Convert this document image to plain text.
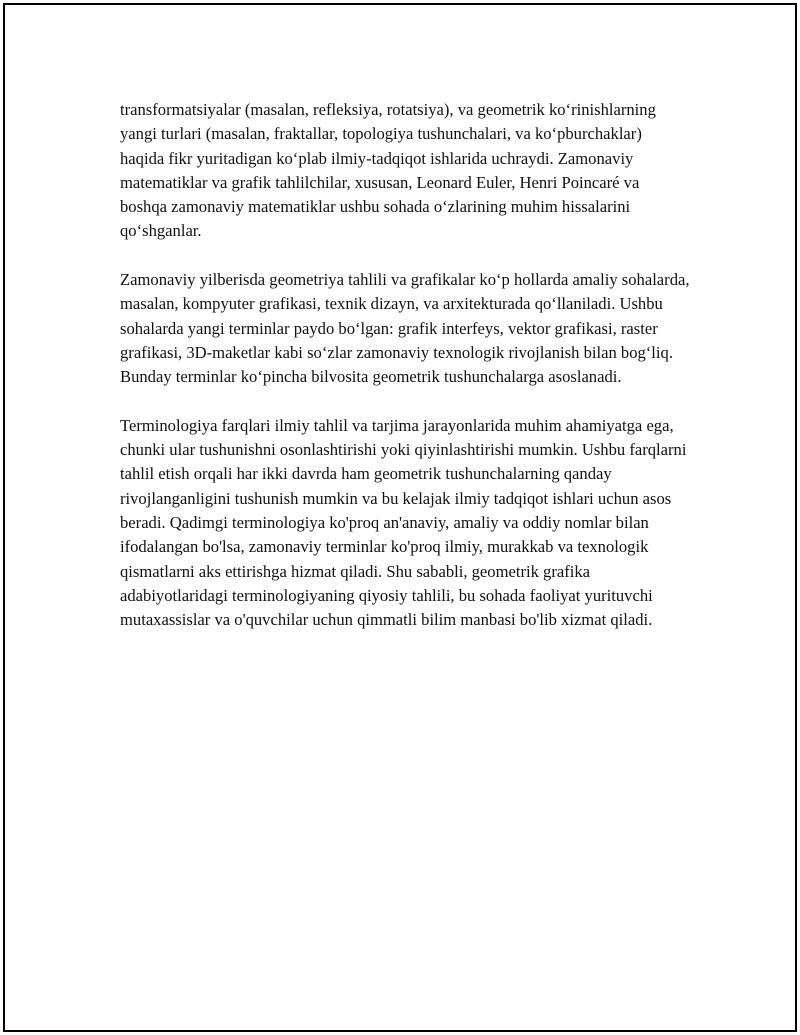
transformatsiyalar (masalan, refleksiya, rotatsiya), va geometrik ko‘rinishlarning yangi turlari (masalan, fraktallar, topologiya tushunchalari, va ko‘pburchaklar) haqida fikr yuritadigan ko‘plab ilmiy-tadqiqot ishlarida uchraydi. Zamonaviy matematiklar va grafik tahlilchilar, xususan, Leonard Euler, Henri Poincaré va boshqa zamonaviy matematiklar ushbu sohada o‘zlarining muhim hissalarini qo‘shganlar.

Zamonaviy yilberisda geometriya tahlili va grafikalar ko‘p hollarda amaliy sohalarda, masalan, kompyuter grafikasi, texnik dizayn, va arxitekturada qo‘llaniladi. Ushbu sohalarda yangi terminlar paydo bo‘lgan: grafik interfeys, vektor grafikasi, raster grafikasi, 3D-maketlar kabi so‘zlar zamonaviy texnologik rivojlanish bilan bog‘liq. Bunday terminlar ko‘pincha bilvosita geometrik tushunchalarga asoslanadi.

Terminologiya farqlari ilmiy tahlil va tarjima jarayonlarida muhim ahamiyatga ega, chunki ular tushunishni osonlashtirishi yoki qiyinlashtirishi mumkin. Ushbu farqlarni tahlil etish orqali har ikki davrda ham geometrik tushunchalarning qanday rivojlanganligini tushunish mumkin va bu kelajak ilmiy tadqiqot ishlari uchun asos beradi. Qadimgi terminologiya ko'proq an'anaviy, amaliy va oddiy nomlar bilan ifodalangan bo'lsa, zamonaviy terminlar ko'proq ilmiy, murakkab va texnologik qismatlarni aks ettirishga hizmat qiladi. Shu sababli, geometrik grafika adabiyotlaridagi terminologiyaning qiyosiy tahlili, bu sohada faoliyat yurituvchi mutaxassislar va o'quvchilar uchun qimmatli bilim manbasi bo'lib xizmat qiladi.
